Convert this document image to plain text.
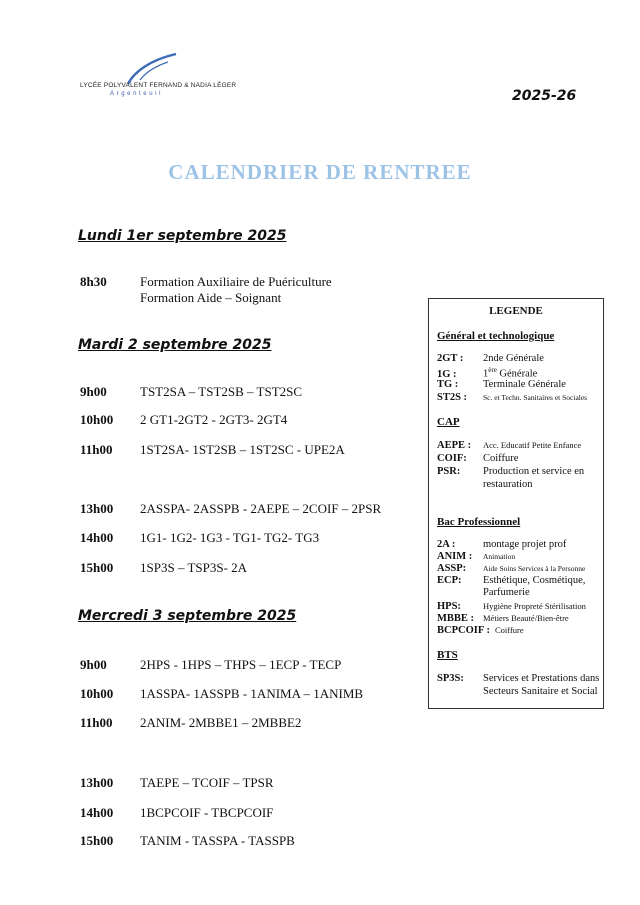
LYCÉE POLYVALENT FERNAND & NADIA LÉGER
Argenteuil	2025-26
CALENDRIER DE RENTREE
Lundi 1er septembre 2025
8h30	Formation Auxiliaire de Puériculture
Formation Aide – Soignant
Mardi 2 septembre 2025
9h00	TST2SA – TST2SB – TST2SC
10h00 2 GT1-2GT2 - 2GT3- 2GT4
11h00 1ST2SA- 1ST2SB – 1ST2SC - UPE2A
13h00 2ASSPA- 2ASSPB - 2AEPE – 2COIF – 2PSR
14h00 1G1- 1G2- 1G3 - TG1- TG2- TG3
15h00 1SP3S – TSP3S- 2A
Mercredi 3 septembre 2025
9h00	2HPS - 1HPS – THPS – 1ECP - TECP
10h00 1ASSPA- 1ASSPB - 1ANIMA – 1ANIMB
11h00 2ANIM- 2MBBE1 – 2MBBE2
13h00 TAEPE – TCOIF – TPSR
14h00 1BCPCOIF - TBCPCOIF
15h00 TANIM - TASSPA - TASSPB
LEGENDE
Général et technologique
2GT : 2nde Générale
1G :	1ère Générale
TG : Terminale Générale
ST2S : Sc. et Techn. Sanitaires et Sociales
CAP
AEPE : Acc. Educatif Petite Enfance
COIF: Coiffure
PSR: Production et service en
restauration
Bac Professionnel
2A :	montage projet prof
ANIM : Animation
ASSP: Aide Soins Services à la Personne
ECP: Esthétique, Cosmétique,
Parfumerie
HPS:	Hygiène Propreté Stérilisation
MBBE : Métiers Beauté/Bien-être
BCPCOIF : Coiffure
BTS
SP3S: Services et Prestations dans
Secteurs Sanitaire et Social
